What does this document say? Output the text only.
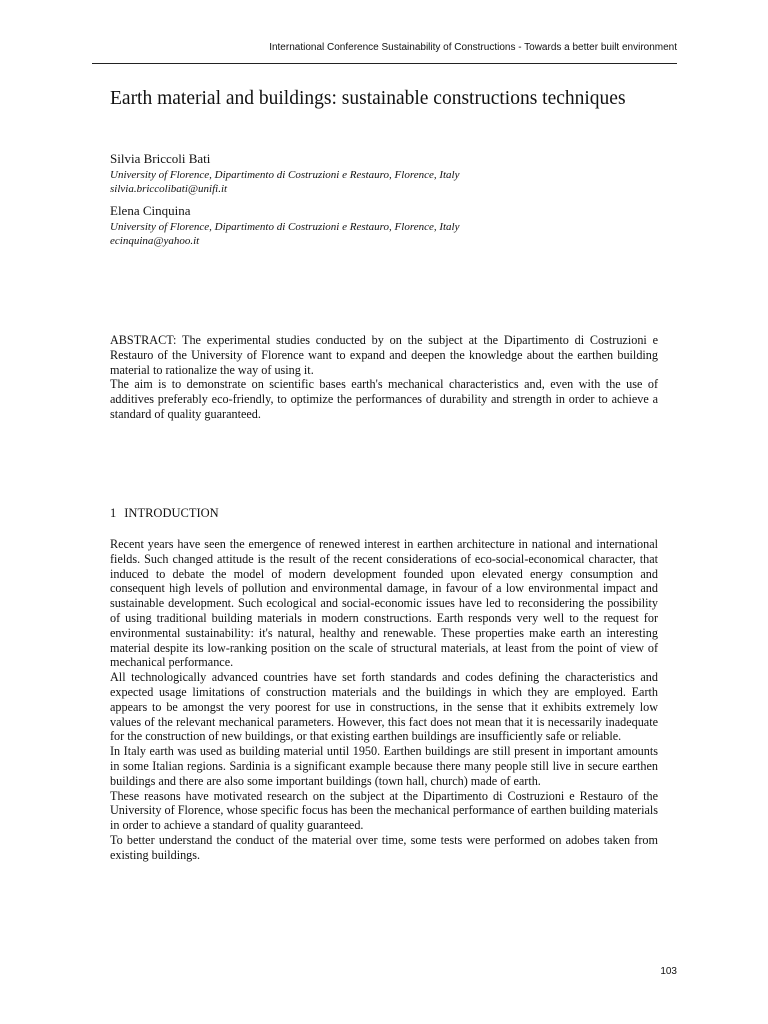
International Conference Sustainability of Constructions - Towards a better built environment
Earth material and buildings: sustainable constructions techniques

Silvia Briccoli Bati

University of Florence, Dipartimento di Costruzioni e Restauro, Florence, Italy

silvia.briccolibati@unifi.it

Elena Cinquina

University of Florence, Dipartimento di Costruzioni e Restauro, Florence, Italy

ecinquina@yahoo.it

ABSTRACT: The experimental studies conducted by on the subject at the Dipartimento di Costruzioni e Restauro of the University of Florence want to expand and deepen the knowledge about the earthen building material to rationalize the way of using it.

The aim is to demonstrate on scientific bases earth's mechanical characteristics and, even with the use of additives preferably eco-friendly, to optimize the performances of durability and strength in order to achieve a standard of quality guaranteed.

1 INTRODUCTION

Recent years have seen the emergence of renewed interest in earthen architecture in national and international fields. Such changed attitude is the result of the recent considerations of eco-social-economical character, that induced to debate the model of modern development founded upon elevated energy consumption and consequent high levels of pollution and environmental damage, in favour of a low environmental impact and sustainable development. Such ecological and social-economic issues have led to reconsidering the possibility of using traditional building materials in modern constructions. Earth responds very well to the request for environmental sustainability: it's natural, healthy and renewable. These properties make earth an interesting material despite its low-ranking position on the scale of structural materials, at least from the point of view of mechanical performance.

All technologically advanced countries have set forth standards and codes defining the characteristics and expected usage limitations of construction materials and the buildings in which they are employed. Earth appears to be amongst the very poorest for use in constructions, in the sense that it exhibits extremely low values of the relevant mechanical parameters. However, this fact does not mean that it is necessarily inadequate for the construction of new buildings, or that existing earthen buildings are insufficiently safe or reliable.

In Italy earth was used as building material until 1950. Earthen buildings are still present in important amounts in some Italian regions. Sardinia is a significant example because there many people still live in secure earthen buildings and there are also some important buildings (town hall, church) made of earth.

These reasons have motivated research on the subject at the Dipartimento di Costruzioni e Restauro of the University of Florence, whose specific focus has been the mechanical performance of earthen building materials in order to achieve a standard of quality guaranteed.

To better understand the conduct of the material over time, some tests were performed on adobes taken from existing buildings.

103
